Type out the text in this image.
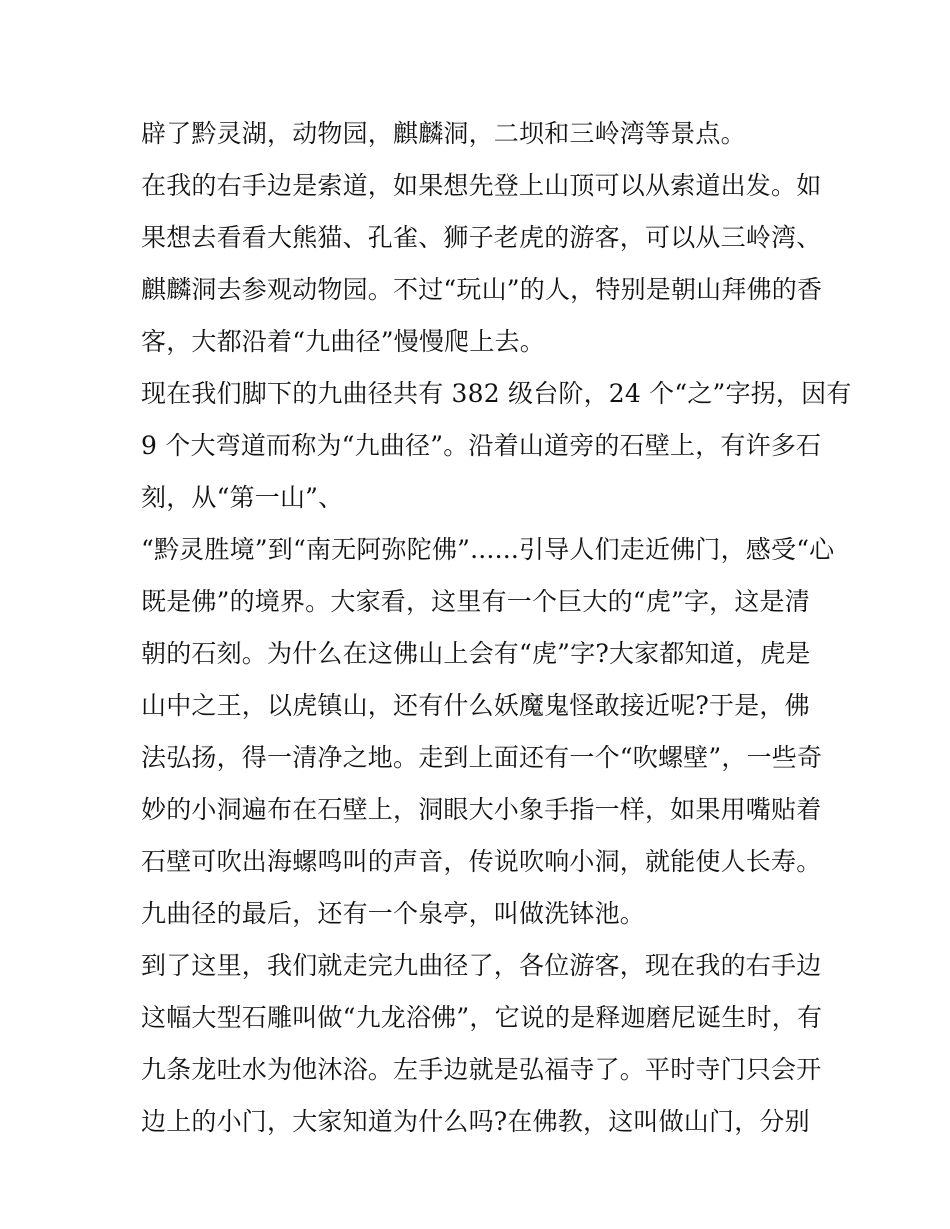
辟了黔灵湖，动物园，麒麟洞，二坝和三岭湾等景点。
在我的右手边是索道，如果想先登上山顶可以从索道出发。如
果想去看看大熊猫、孔雀、狮子老虎的游客，可以从三岭湾、
麒麟洞去参观动物园。不过“玩山”的人，特别是朝山拜佛的香
客，大都沿着“九曲径”慢慢爬上去。
现在我们脚下的九曲径共有 382 级台阶，24 个“之”字拐，因有
9 个大弯道而称为“九曲径”。沿着山道旁的石壁上，有许多石
刻，从“第一山”、
“黔灵胜境”到“南无阿弥陀佛”......引导人们走近佛门，感受“心
既是佛”的境界。大家看，这里有一个巨大的“虎”字，这是清
朝的石刻。为什么在这佛山上会有“虎”字?大家都知道，虎是
山中之王，以虎镇山，还有什么妖魔鬼怪敢接近呢?于是，佛
法弘扬，得一清净之地。走到上面还有一个“吹螺壁”，一些奇
妙的小洞遍布在石壁上，洞眼大小象手指一样，如果用嘴贴着
石壁可吹出海螺鸣叫的声音，传说吹响小洞，就能使人长寿。
九曲径的最后，还有一个泉亭，叫做洗钵池。
到了这里，我们就走完九曲径了，各位游客，现在我的右手边
这幅大型石雕叫做“九龙浴佛”，它说的是释迦磨尼诞生时，有
九条龙吐水为他沐浴。左手边就是弘福寺了。平时寺门只会开
边上的小门，大家知道为什么吗?在佛教，这叫做山门，分别
